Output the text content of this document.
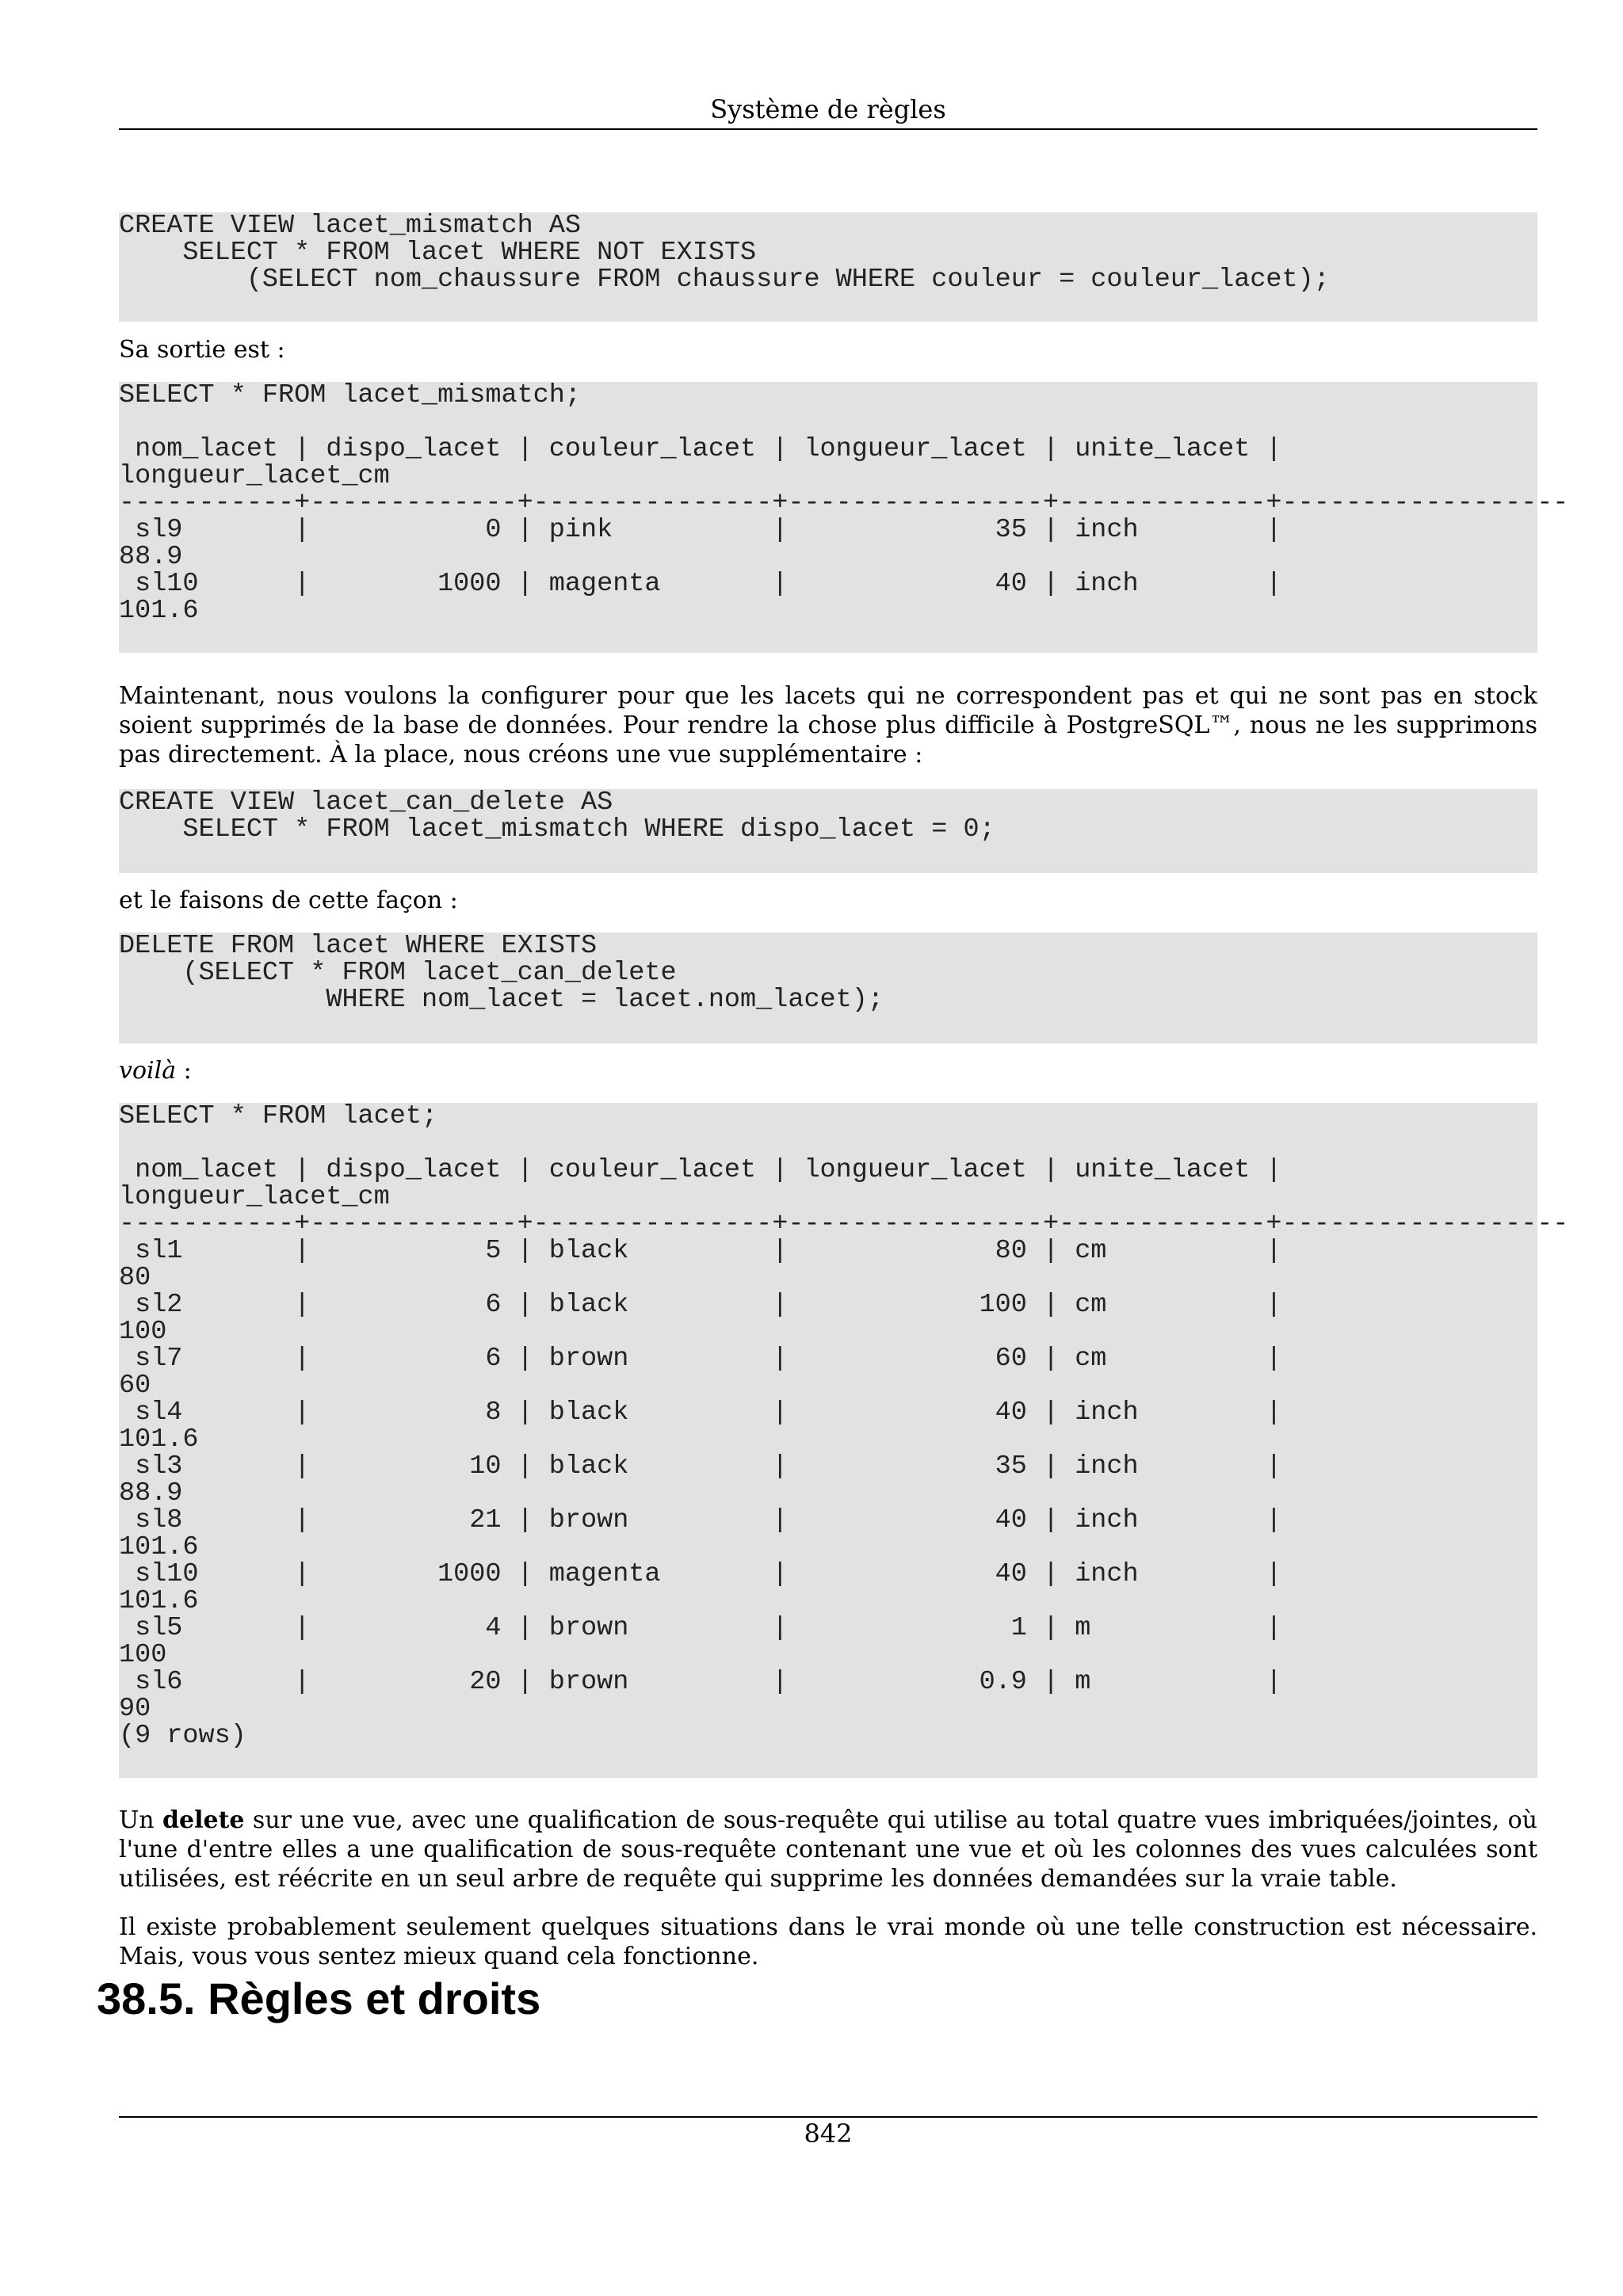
Système de règles
CREATE VIEW lacet_mismatch AS
SELECT * FROM lacet WHERE NOT EXISTS
(SELECT nom_chaussure FROM chaussure WHERE couleur = couleur_lacet);

Sa sortie est :

SELECT * FROM lacet_mismatch;

nom_lacet | dispo_lacet | couleur_lacet | longueur_lacet | unite_lacet |
longueur_lacet_cm
-----------+-------------+---------------+----------------+-------------+------------------
sl9       |           0 | pink          |             35 | inch        |
88.9
sl10      |        1000 | magenta       |             40 | inch        |
101.6

Maintenant, nous voulons la configurer pour que les lacets qui ne correspondent pas et qui ne sont pas en stock soient supprimés de la base de données. Pour rendre la chose plus difficile à PostgreSQL™, nous ne les supprimons pas directement. À la place, nous créons une vue supplémentaire :

CREATE VIEW lacet_can_delete AS
SELECT * FROM lacet_mismatch WHERE dispo_lacet = 0;

et le faisons de cette façon :

DELETE FROM lacet WHERE EXISTS
(SELECT * FROM lacet_can_delete
WHERE nom_lacet = lacet.nom_lacet);

voilà :

SELECT * FROM lacet;

nom_lacet | dispo_lacet | couleur_lacet | longueur_lacet | unite_lacet |
longueur_lacet_cm
-----------+-------------+---------------+----------------+-------------+------------------
sl1       |           5 | black         |             80 | cm          |
80
sl2       |           6 | black         |            100 | cm          |
100
sl7       |           6 | brown         |             60 | cm          |
60
sl4       |           8 | black         |             40 | inch        |
101.6
sl3       |          10 | black         |             35 | inch        |
88.9
sl8       |          21 | brown         |             40 | inch        |
101.6
sl10      |        1000 | magenta       |             40 | inch        |
101.6
sl5       |           4 | brown         |              1 | m           |
100
sl6       |          20 | brown         |            0.9 | m           |
90
(9 rows)

Un delete sur une vue, avec une qualification de sous-requête qui utilise au total quatre vues imbriquées/jointes, où l'une d'entre elles a une qualification de sous-requête contenant une vue et où les colonnes des vues calculées sont utilisées, est réécrite en un seul arbre de requête qui supprime les données demandées sur la vraie table.

Il existe probablement seulement quelques situations dans le vrai monde où une telle construction est nécessaire. Mais, vous vous sentez mieux quand cela fonctionne.

38.5. Règles et droits
842
